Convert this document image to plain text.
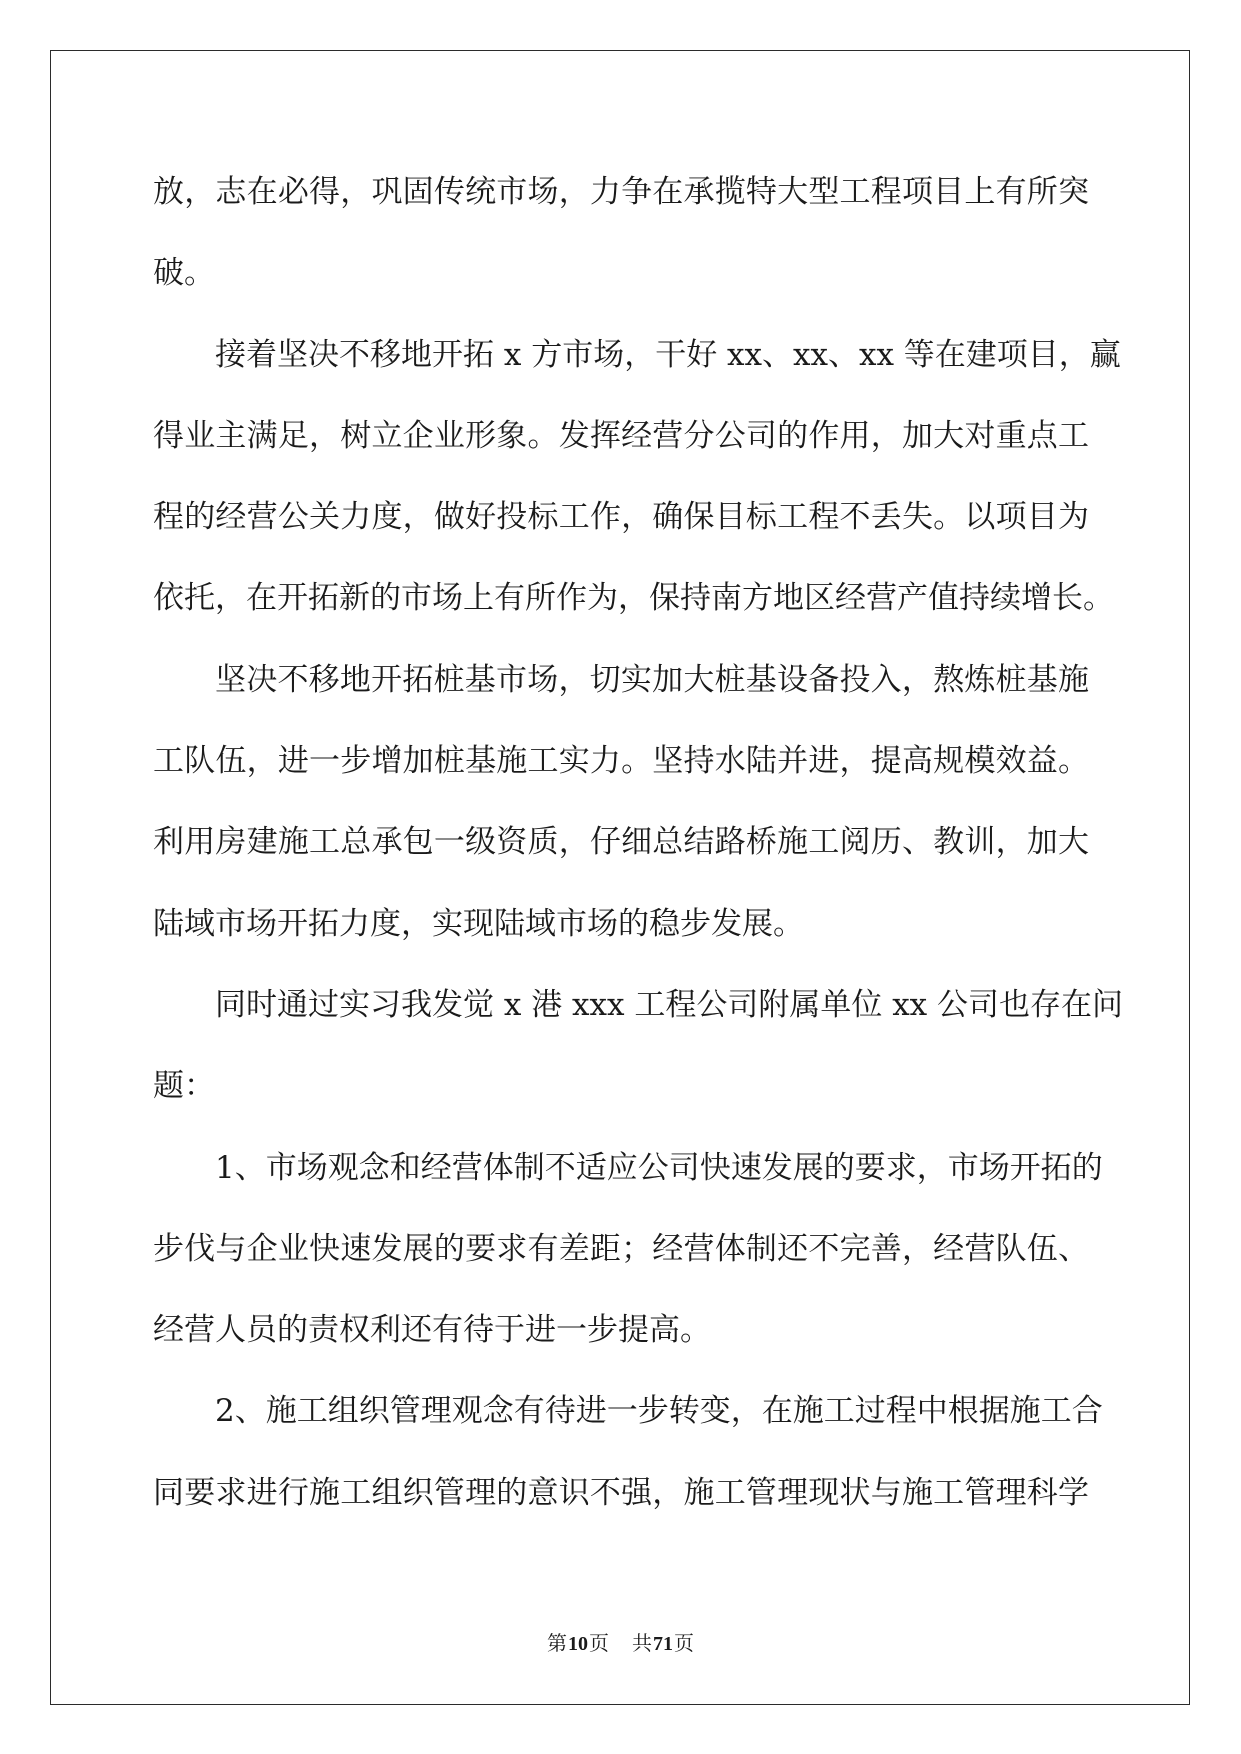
放，志在必得，巩固传统市场，力争在承揽特大型工程项目上有所突
破。
接着坚决不移地开拓 x 方市场，干好 xx、xx、xx 等在建项目，赢
得业主满足，树立企业形象。发挥经营分公司的作用，加大对重点工
程的经营公关力度，做好投标工作，确保目标工程不丢失。以项目为
依托，在开拓新的市场上有所作为，保持南方地区经营产值持续增长。
坚决不移地开拓桩基市场，切实加大桩基设备投入，熬炼桩基施
工队伍，进一步增加桩基施工实力。坚持水陆并进，提高规模效益。
利用房建施工总承包一级资质，仔细总结路桥施工阅历、教训，加大
陆域市场开拓力度，实现陆域市场的稳步发展。
同时通过实习我发觉 x 港 xxx 工程公司附属单位 xx 公司也存在问
题：
1、市场观念和经营体制不适应公司快速发展的要求，市场开拓的
步伐与企业快速发展的要求有差距；经营体制还不完善，经营队伍、
经营人员的责权利还有待于进一步提高。
2、施工组织管理观念有待进一步转变，在施工过程中根据施工合
同要求进行施工组织管理的意识不强，施工管理现状与施工管理科学
第10页 共71页
